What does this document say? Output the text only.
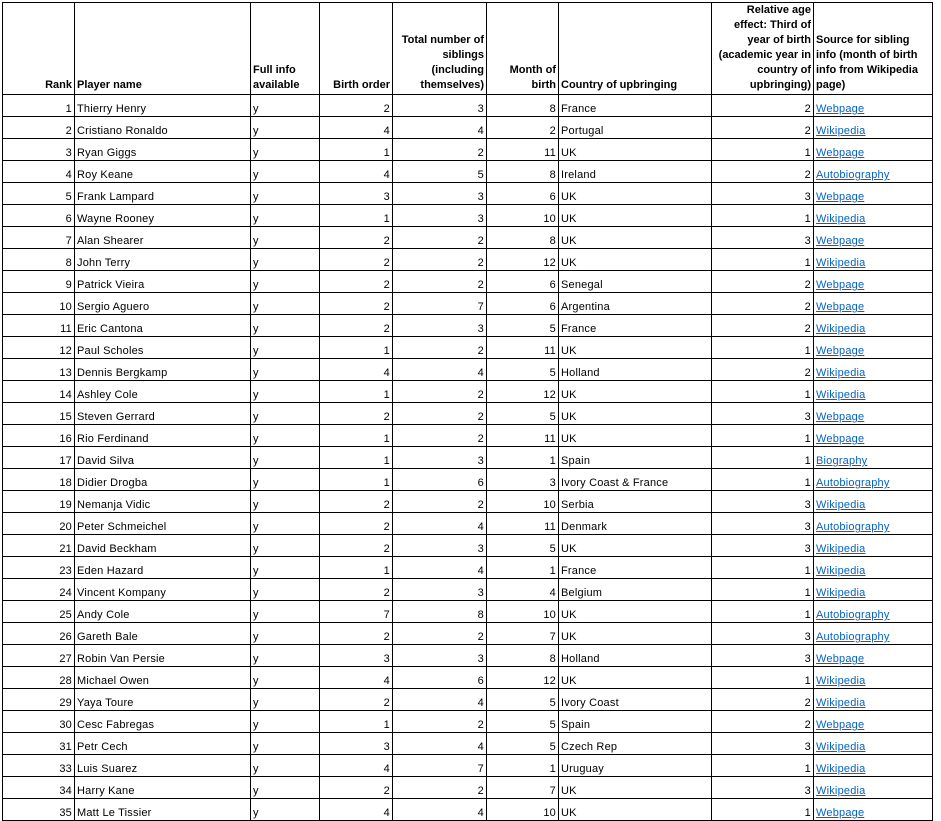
Rank	Player name	Full info available	Birth order	Total number of siblings (including themselves)	Month of birth	Country of upbringing	Relative age effect: Third of year of birth (academic year in country of upbringing)	Source for sibling info (month of birth info from Wikipedia page)
1	Thierry Henry	y	2	3	8	France	2	Webpage
2	Cristiano Ronaldo	y	4	4	2	Portugal	2	Wikipedia
3	Ryan Giggs	y	1	2	11	UK	1	Webpage
4	Roy Keane	y	4	5	8	Ireland	2	Autobiography
5	Frank Lampard	y	3	3	6	UK	3	Webpage
6	Wayne Rooney	y	1	3	10	UK	1	Wikipedia
7	Alan Shearer	y	2	2	8	UK	3	Webpage
8	John Terry	y	2	2	12	UK	1	Wikipedia
9	Patrick Vieira	y	2	2	6	Senegal	2	Webpage
10	Sergio Aguero	y	2	7	6	Argentina	2	Webpage
11	Eric Cantona	y	2	3	5	France	2	Wikipedia
12	Paul Scholes	y	1	2	11	UK	1	Webpage
13	Dennis Bergkamp	y	4	4	5	Holland	2	Wikipedia
14	Ashley Cole	y	1	2	12	UK	1	Wikipedia
15	Steven Gerrard	y	2	2	5	UK	3	Webpage
16	Rio Ferdinand	y	1	2	11	UK	1	Webpage
17	David Silva	y	1	3	1	Spain	1	Biography
18	Didier Drogba	y	1	6	3	Ivory Coast & France	1	Autobiography
19	Nemanja Vidic	y	2	2	10	Serbia	3	Wikipedia
20	Peter Schmeichel	y	2	4	11	Denmark	3	Autobiography
21	David Beckham	y	2	3	5	UK	3	Wikipedia
23	Eden Hazard	y	1	4	1	France	1	Wikipedia
24	Vincent Kompany	y	2	3	4	Belgium	1	Wikipedia
25	Andy Cole	y	7	8	10	UK	1	Autobiography
26	Gareth Bale	y	2	2	7	UK	3	Autobiography
27	Robin Van Persie	y	3	3	8	Holland	3	Webpage
28	Michael Owen	y	4	6	12	UK	1	Wikipedia
29	Yaya Toure	y	2	4	5	Ivory Coast	2	Wikipedia
30	Cesc Fabregas	y	1	2	5	Spain	2	Webpage
31	Petr Cech	y	3	4	5	Czech Rep	3	Wikipedia
33	Luis Suarez	y	4	7	1	Uruguay	1	Wikipedia
34	Harry Kane	y	2	2	7	UK	3	Wikipedia
35	Matt Le Tissier	y	4	4	10	UK	1	Webpage
